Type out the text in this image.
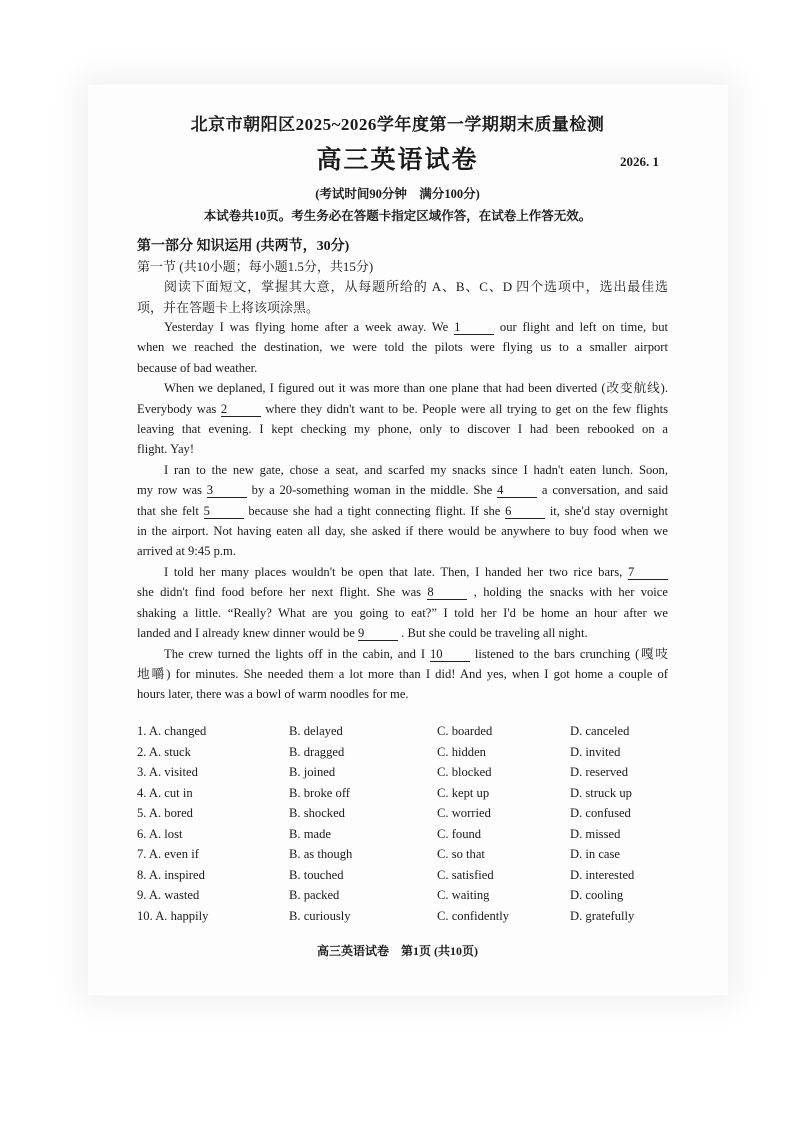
北京市朝阳区2025~2026学年度第一学期期末质量检测
高三英语试卷	2026. 1
(考试时间90分钟　满分100分)
本试卷共10页。考生务必在答题卡指定区域作答，在试卷上作答无效。
第一部分 知识运用 (共两节，30分)
第一节 (共10小题；每小题1.5分，共15分)
阅读下面短文，掌握其大意，从每题所给的 A、B、C、D 四个选项中，选出最佳选
项，并在答题卡上将该项涂黑。
Yesterday I was flying home after a week away. We 1	our flight and left on time, but
when we reached the destination, we were told the pilots were flying us to a smaller airport
because of bad weather.
When we deplaned, I figured out it was more than one plane that had been diverted (改变航线).
Everybody was 2	where they didn't want to be. People were all trying to get on the few flights
leaving that evening. I kept checking my phone, only to discover I had been rebooked on a
flight. Yay!
I ran to the new gate, chose a seat, and scarfed my snacks since I hadn't eaten lunch. Soon,
my row was 3	by a 20-something woman in the middle. She 4	a conversation, and said
that she felt 5	because she had a tight connecting flight. If she 6	it, she'd stay overnight
in the airport. Not having eaten all day, she asked if there would be anywhere to buy food when we
arrived at 9:45 p.m.
I told her many places wouldn't be open that late. Then, I handed her two rice bars, 7
she didn't find food before her next flight. She was 8	, holding the snacks with her voice
shaking a little. “Really? What are you going to eat?” I told her I'd be home an hour after we
landed and I already knew dinner would be 9	. But she could be traveling all night.
The crew turned the lights off in the cabin, and I 10	listened to the bars crunching (嘎吱
地嚼) for minutes. She needed them a lot more than I did! And yes, when I got home a couple of
hours later, there was a bowl of warm noodles for me.
1. A. changed	B. delayed	C. boarded	D. canceled
2. A. stuck	B. dragged	C. hidden	D. invited
3. A. visited	B. joined	C. blocked	D. reserved
4. A. cut in	B. broke off	C. kept up	D. struck up
5. A. bored	B. shocked	C. worried	D. confused
6. A. lost	B. made	C. found	D. missed
7. A. even if	B. as though	C. so that	D. in case
8. A. inspired	B. touched	C. satisfied	D. interested
9. A. wasted	B. packed	C. waiting	D. cooling
10. A. happily	B. curiously	C. confidently	D. gratefully
高三英语试卷　第1页 (共10页)
